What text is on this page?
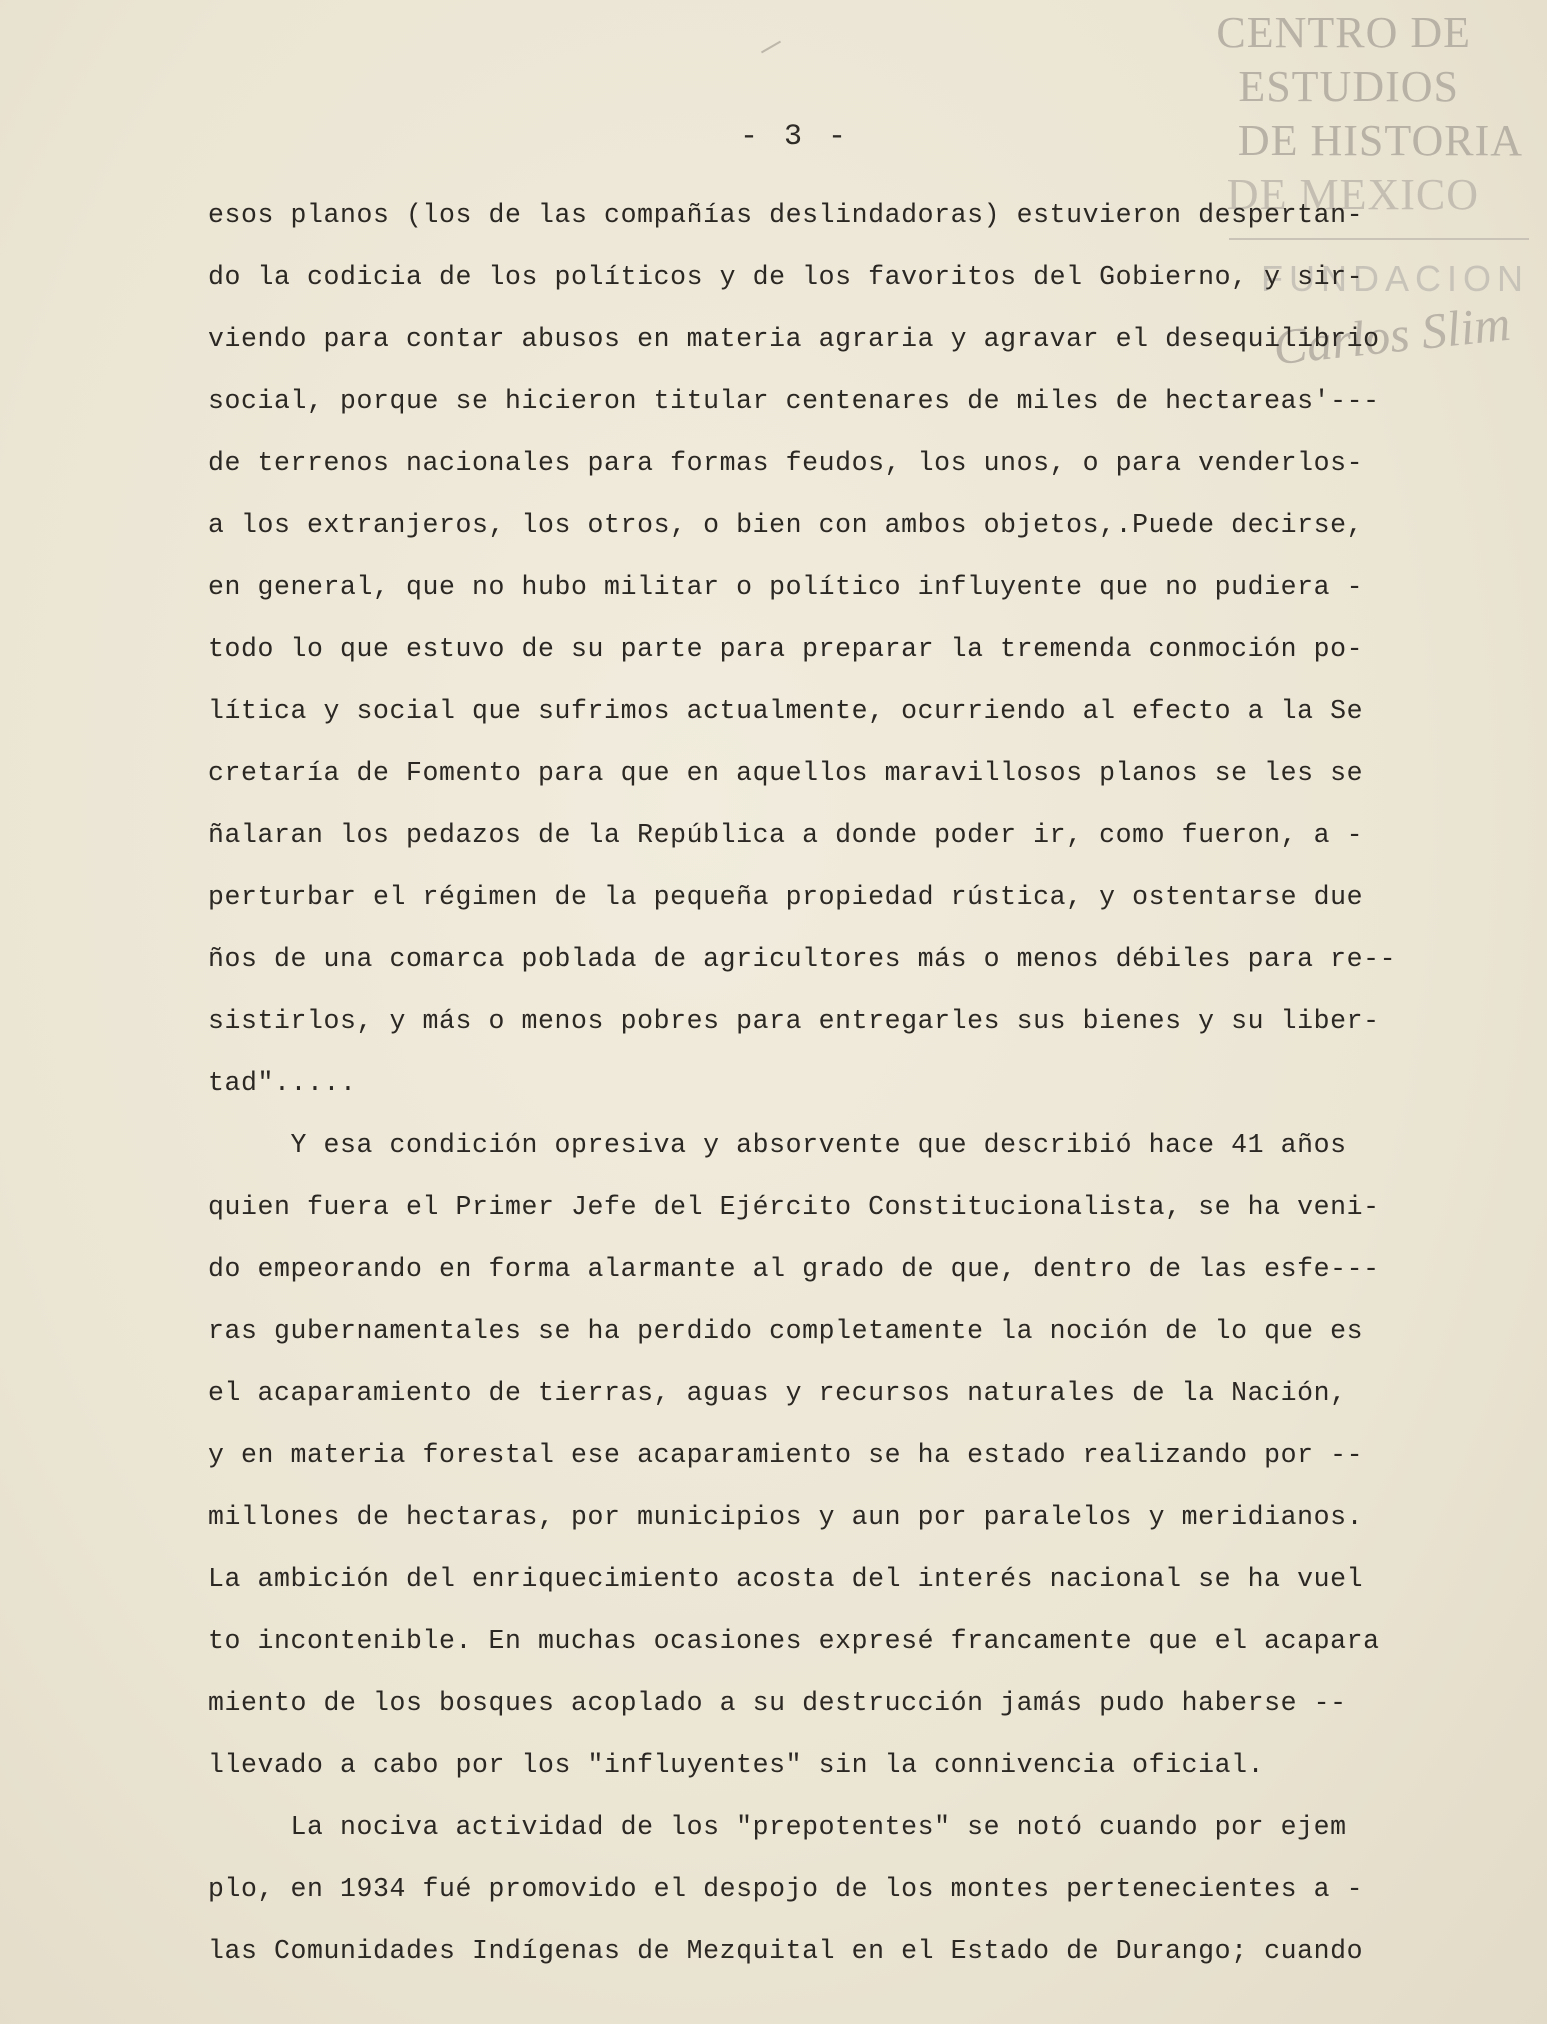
CENTRO DE
ESTUDIOS
DE HISTORIA
DE MEXICO
FUNDACION
Carlos Slim
- 3 -
esos planos (los de las compañías deslindadoras) estuvieron despertan-
do la codicia de los políticos y de los favoritos del Gobierno, y sir-
viendo para contar abusos en materia agraria y agravar el desequilibrio
social, porque se hicieron titular centenares de miles de hectareas'---
de terrenos nacionales para formas feudos, los unos, o para venderlos-
a los extranjeros, los otros, o bien con ambos objetos,.Puede decirse,
en general, que no hubo militar o político influyente que no pudiera -
todo lo que estuvo de su parte para preparar la tremenda conmoción po-
lítica y social que sufrimos actualmente, ocurriendo al efecto a la Se
cretaría de Fomento para que en aquellos maravillosos planos se les se
ñalaran los pedazos de la República a donde poder ir, como fueron, a -
perturbar el régimen de la pequeña propiedad rústica, y ostentarse due
ños de una comarca poblada de agricultores más o menos débiles para re--
sistirlos, y más o menos pobres para entregarles sus bienes y su liber-
tad".....
Y esa condición opresiva y absorvente que describió hace 41 años
quien fuera el Primer Jefe del Ejército Constitucionalista, se ha veni-
do empeorando en forma alarmante al grado de que, dentro de las esfe---
ras gubernamentales se ha perdido completamente la noción de lo que es
el acaparamiento de tierras, aguas y recursos naturales de la Nación,
y en materia forestal ese acaparamiento se ha estado realizando por --
millones de hectaras, por municipios y aun por paralelos y meridianos.
La ambición del enriquecimiento acosta del interés nacional se ha vuel
to incontenible. En muchas ocasiones expresé francamente que el acapara
miento de los bosques acoplado a su destrucción jamás pudo haberse --
llevado a cabo por los "influyentes" sin la connivencia oficial.
La nociva actividad de los "prepotentes" se notó cuando por ejem
plo, en 1934 fué promovido el despojo de los montes pertenecientes a -
las Comunidades Indígenas de Mezquital en el Estado de Durango; cuando
